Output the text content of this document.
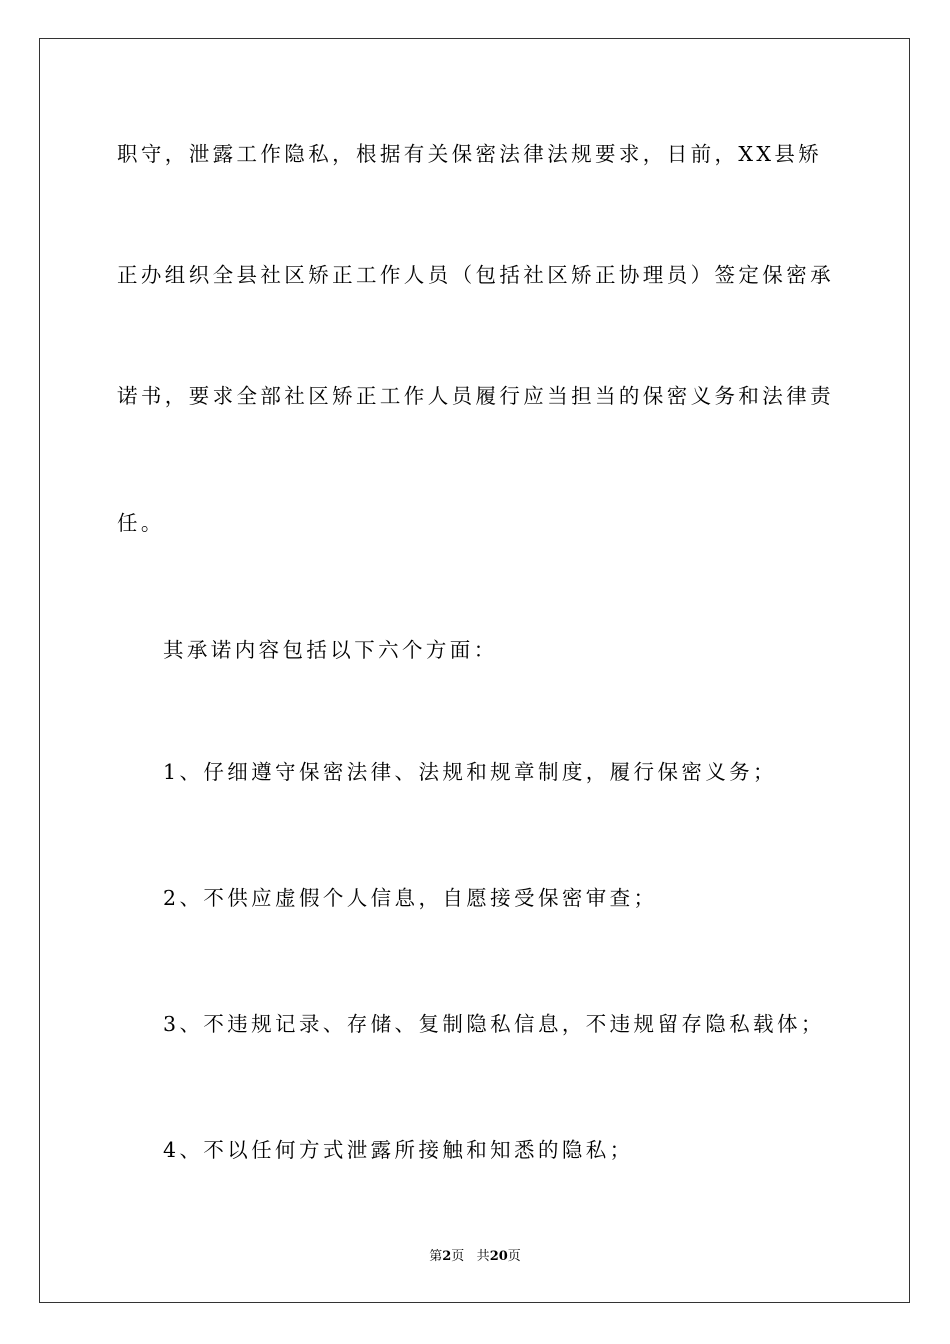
职守，泄露工作隐私，根据有关保密法律法规要求，日前，XX县矫
正办组织全县社区矫正工作人员（包括社区矫正协理员）签定保密承
诺书，要求全部社区矫正工作人员履行应当担当的保密义务和法律责
任。
其承诺内容包括以下六个方面：
1、仔细遵守保密法律、法规和规章制度，履行保密义务；
2、不供应虚假个人信息，自愿接受保密审查；
3、不违规记录、存储、复制隐私信息，不违规留存隐私载体；
4、不以任何方式泄露所接触和知悉的隐私；
第2页 共20页
